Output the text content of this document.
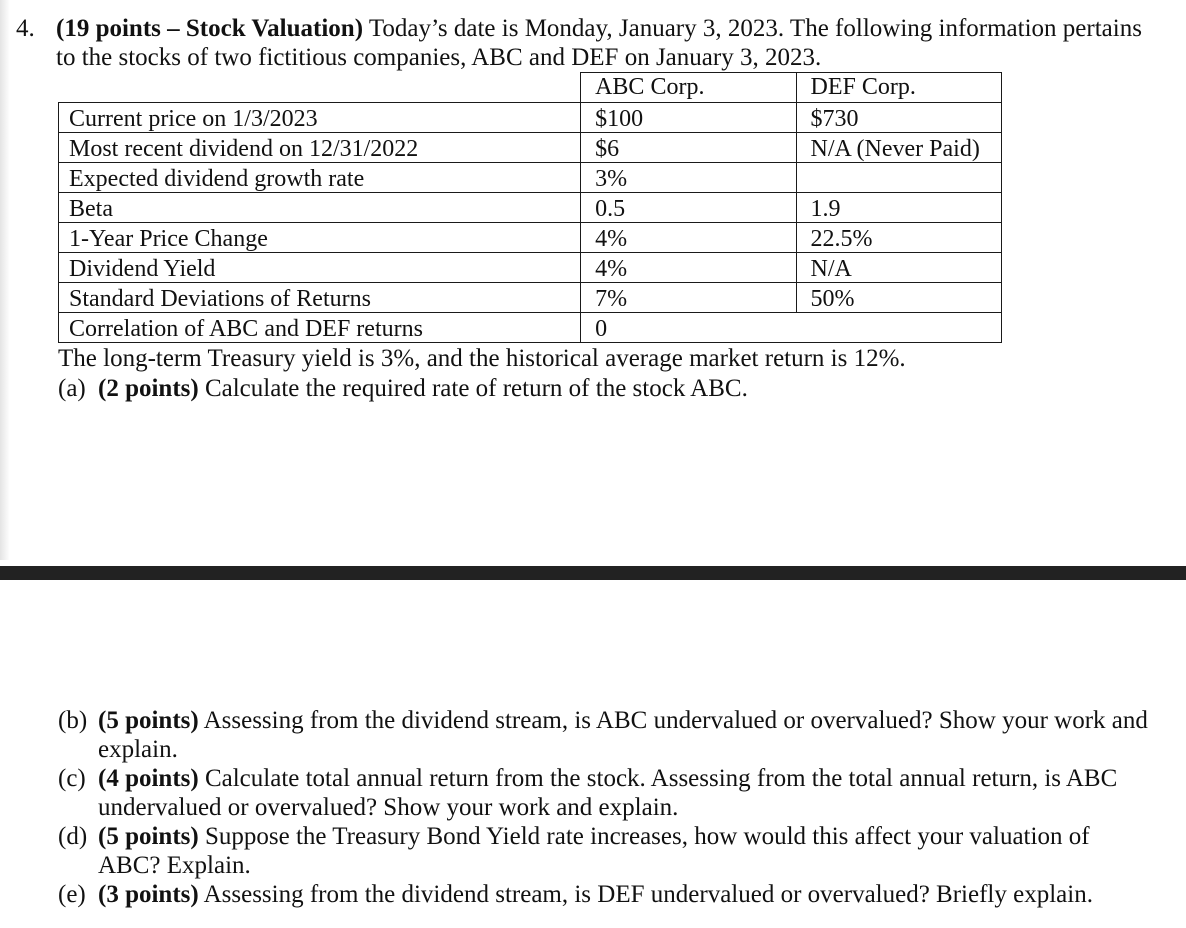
4. (19 points – Stock Valuation) Today’s date is Monday, January 3, 2023. The following information pertains
to the stocks of two fictitious companies, ABC and DEF on January 3, 2023.
	ABC Corp.	DEF Corp.
Current price on 1/3/2023	$100	$730
Most recent dividend on 12/31/2022	$6	N/A (Never Paid)
Expected dividend growth rate	3%	
Beta	0.5	1.9
1-Year Price Change	4%	22.5%
Dividend Yield	4%	N/A
Standard Deviations of Returns	7%	50%
Correlation of ABC and DEF returns	0	
The long-term Treasury yield is 3%, and the historical average market return is 12%.
(a) (2 points) Calculate the required rate of return of the stock ABC.
(b) (5 points) Assessing from the dividend stream, is ABC undervalued or overvalued? Show your work and
explain.
(c) (4 points) Calculate total annual return from the stock. Assessing from the total annual return, is ABC
undervalued or overvalued? Show your work and explain.
(d) (5 points) Suppose the Treasury Bond Yield rate increases, how would this affect your valuation of
ABC? Explain.
(e) (3 points) Assessing from the dividend stream, is DEF undervalued or overvalued? Briefly explain.
